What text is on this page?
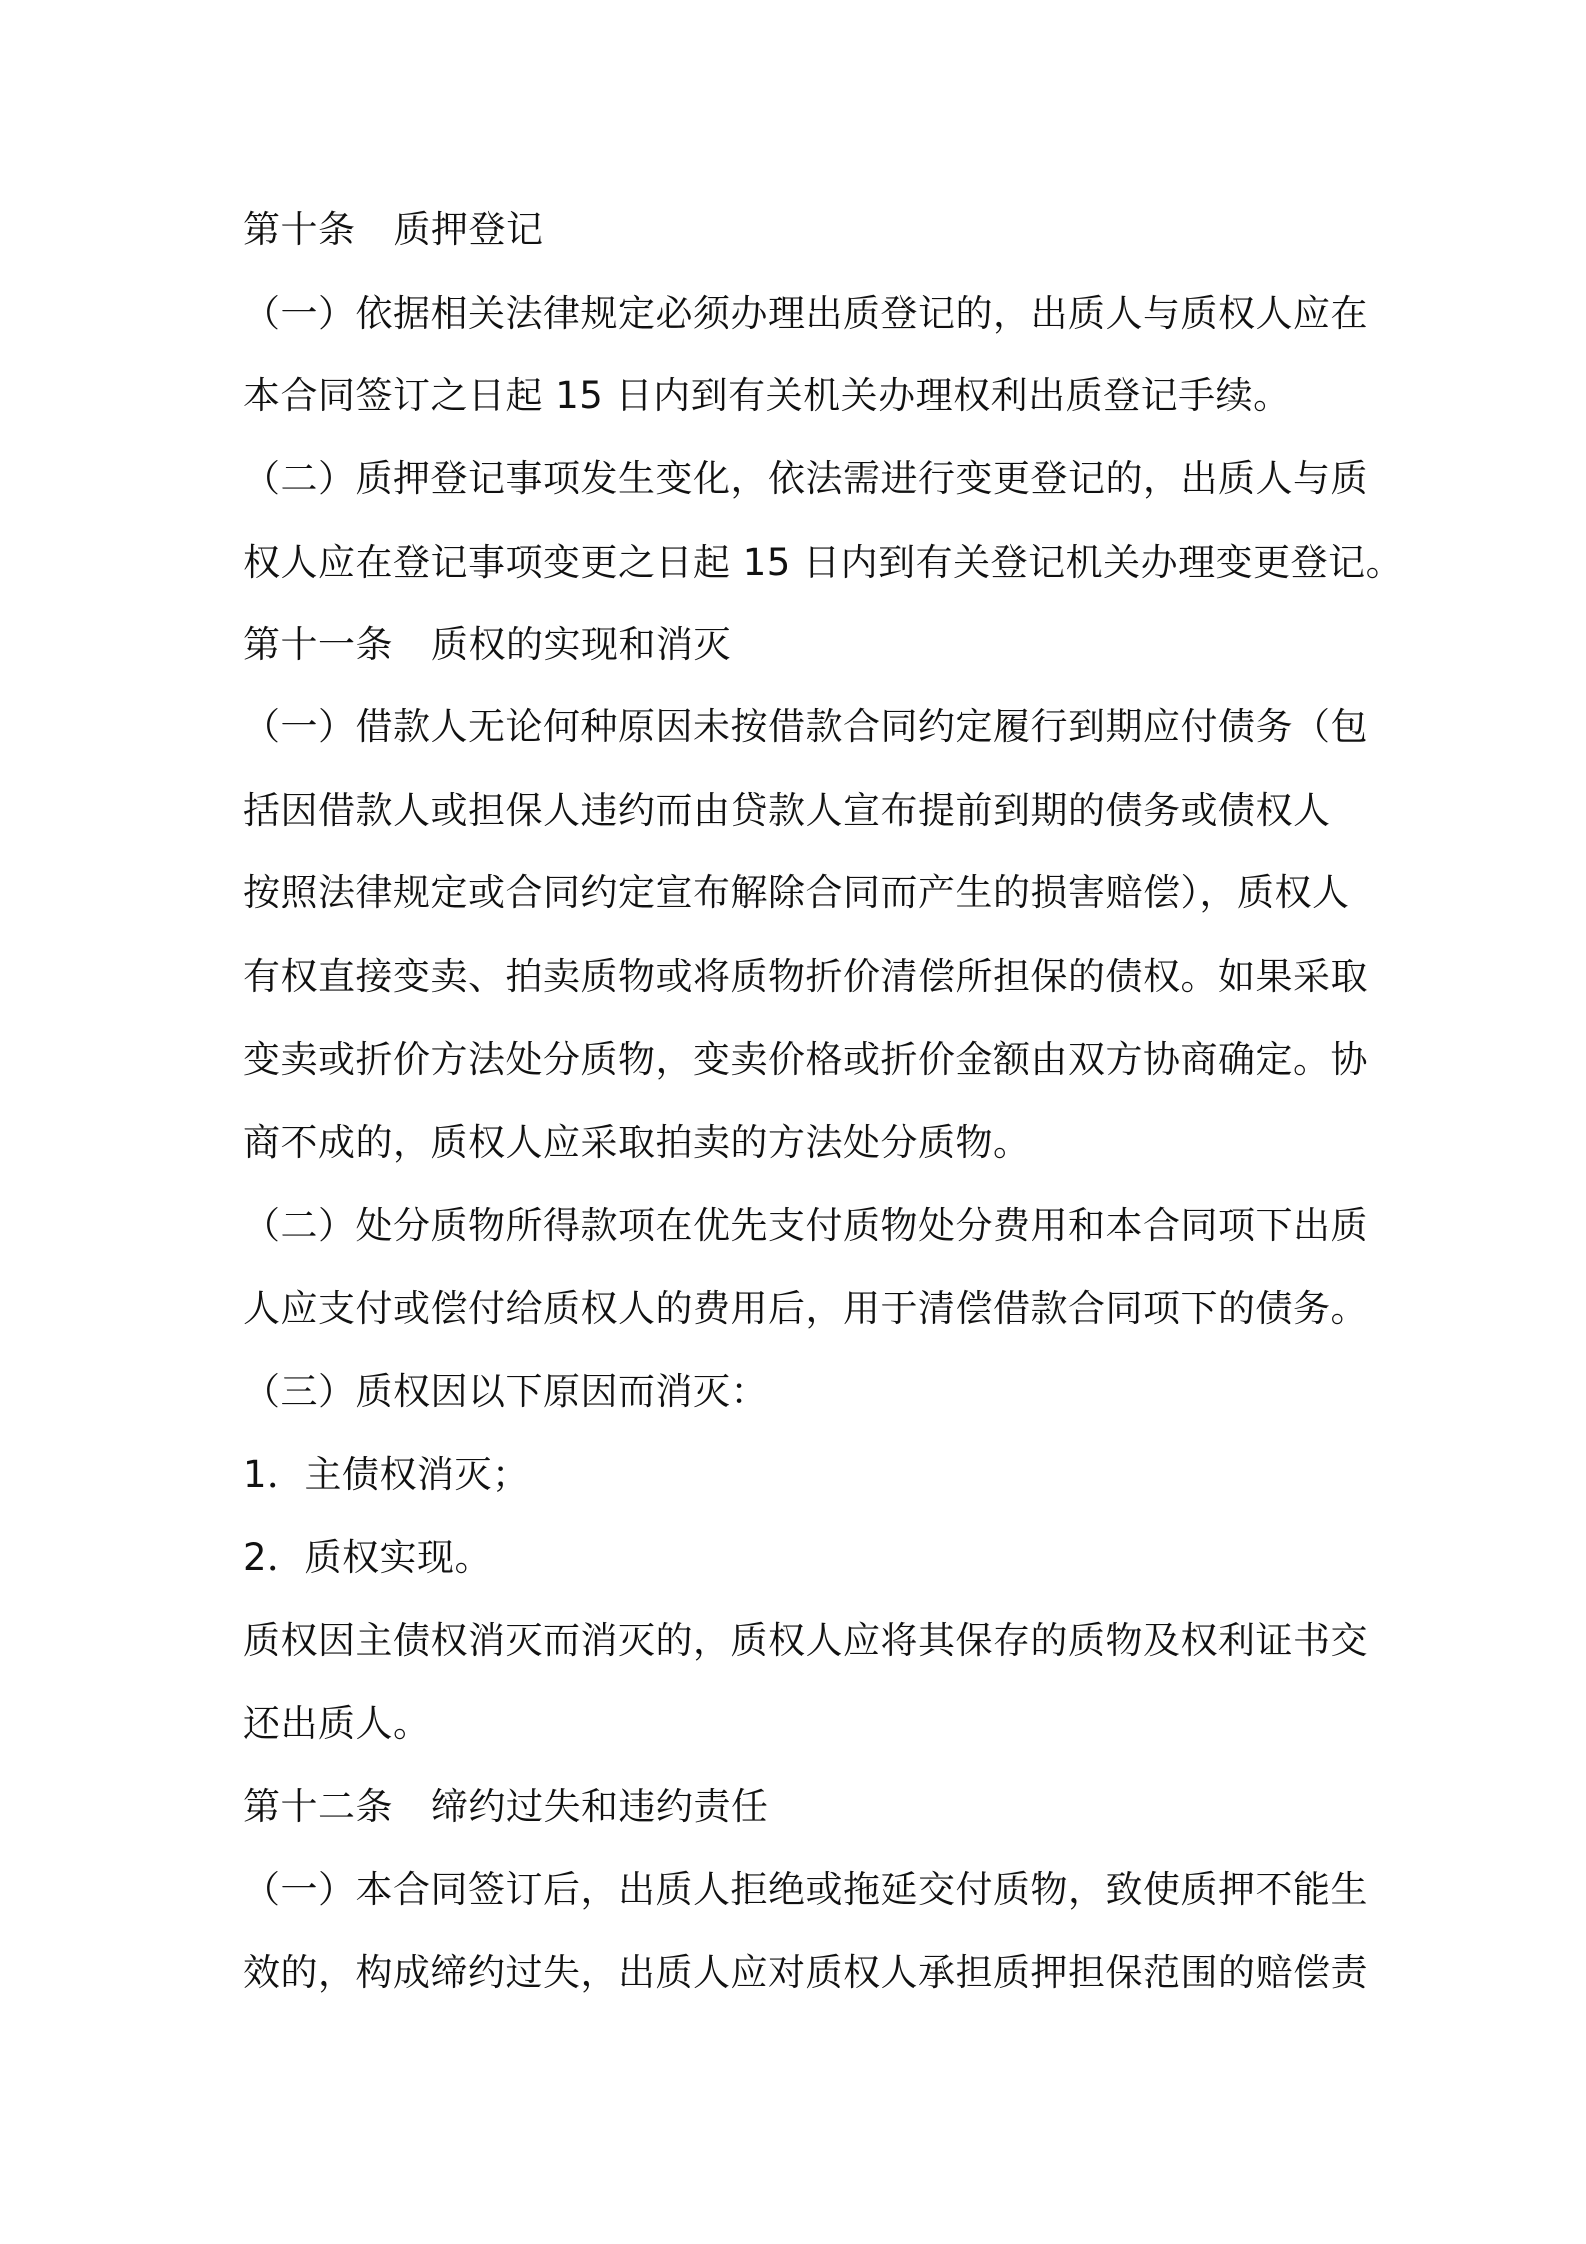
第十条 质押登记
（一）依据相关法律规定必须办理出质登记的，出质人与质权人应在
本合同签订之日起 15 日内到有关机关办理权利出质登记手续。
（二）质押登记事项发生变化，依法需进行变更登记的，出质人与质
权人应在登记事项变更之日起 15 日内到有关登记机关办理变更登记。
第十一条 质权的实现和消灭
（一）借款人无论何种原因未按借款合同约定履行到期应付债务（包
括因借款人或担保人违约而由贷款人宣布提前到期的债务或债权人
按照法律规定或合同约定宣布解除合同而产生的损害赔偿），质权人
有权直接变卖、拍卖质物或将质物折价清偿所担保的债权。如果采取
变卖或折价方法处分质物，变卖价格或折价金额由双方协商确定。协
商不成的，质权人应采取拍卖的方法处分质物。
（二）处分质物所得款项在优先支付质物处分费用和本合同项下出质
人应支付或偿付给质权人的费用后，用于清偿借款合同项下的债务。
（三）质权因以下原因而消灭：
1．主债权消灭；
2．质权实现。
质权因主债权消灭而消灭的，质权人应将其保存的质物及权利证书交
还出质人。
第十二条 缔约过失和违约责任
（一）本合同签订后，出质人拒绝或拖延交付质物，致使质押不能生
效的，构成缔约过失，出质人应对质权人承担质押担保范围的赔偿责
